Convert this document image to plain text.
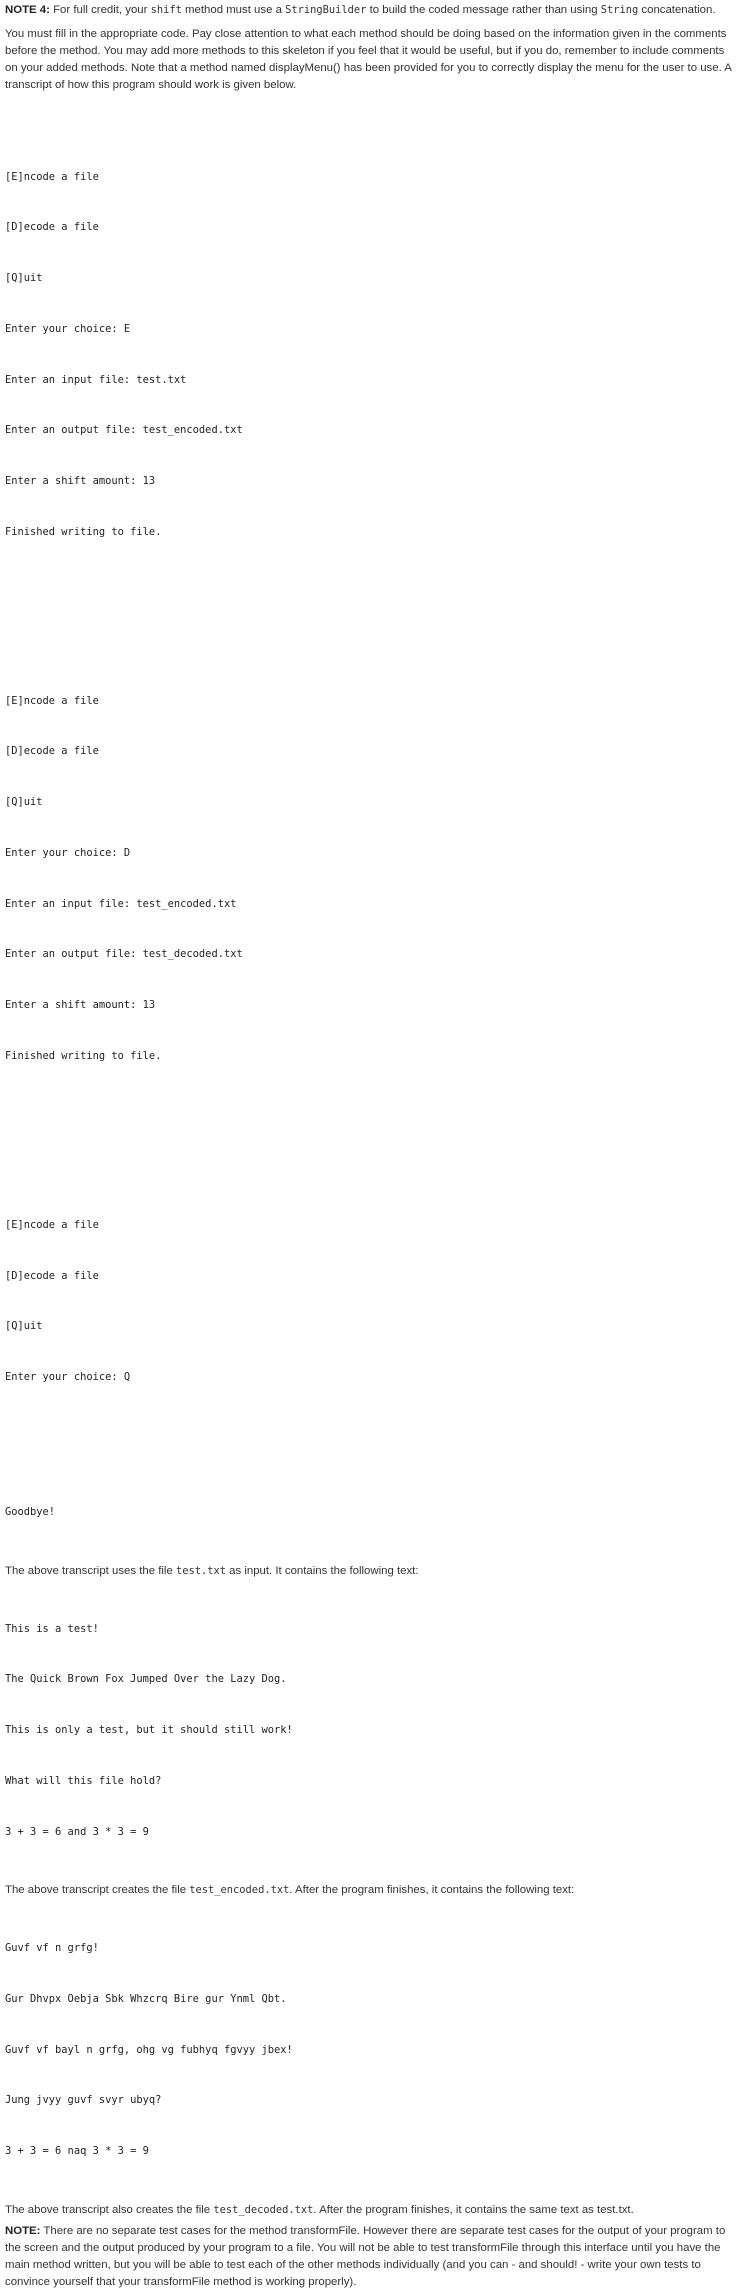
NOTE 4: For full credit, your shift method must use a StringBuilder to build the coded message rather than using String concatenation.

You must fill in the appropriate code. Pay close attention to what each method should be doing based on the information given in the comments before the method. You may add more methods to this skeleton if you feel that it would be useful, but if you do, remember to include comments on your added methods. Note that a method named displayMenu() has been provided for you to correctly display the menu for the user to use. A transcript of how this program should work is given below.

[E]ncode a file

[D]ecode a file

[Q]uit

Enter your choice: E

Enter an input file: test.txt

Enter an output file: test_encoded.txt

Enter a shift amount: 13

Finished writing to file.

[E]ncode a file

[D]ecode a file

[Q]uit

Enter your choice: D

Enter an input file: test_encoded.txt

Enter an output file: test_decoded.txt

Enter a shift amount: 13

Finished writing to file.

[E]ncode a file

[D]ecode a file

[Q]uit

Enter your choice: Q

Goodbye!

The above transcript uses the file test.txt as input. It contains the following text:

This is a test!

The Quick Brown Fox Jumped Over the Lazy Dog.

This is only a test, but it should still work!

What will this file hold?

3 + 3 = 6 and 3 * 3 = 9

The above transcript creates the file test_encoded.txt. After the program finishes, it contains the following text:

Guvf vf n grfg!

Gur Dhvpx Oebja Sbk Whzcrq Bire gur Ynml Qbt.

Guvf vf bayl n grfg, ohg vg fubhyq fgvyy jbex!

Jung jvyy guvf svyr ubyq?

3 + 3 = 6 naq 3 * 3 = 9

The above transcript also creates the file test_decoded.txt. After the program finishes, it contains the same text as test.txt.

NOTE: There are no separate test cases for the method transformFile. However there are separate test cases for the output of your program to the screen and the output produced by your program to a file. You will not be able to test transformFile through this interface until you have the main method written, but you will be able to test each of the other methods individually (and you can - and should! - write your own tests to convince yourself that your transformFile method is working properly).
